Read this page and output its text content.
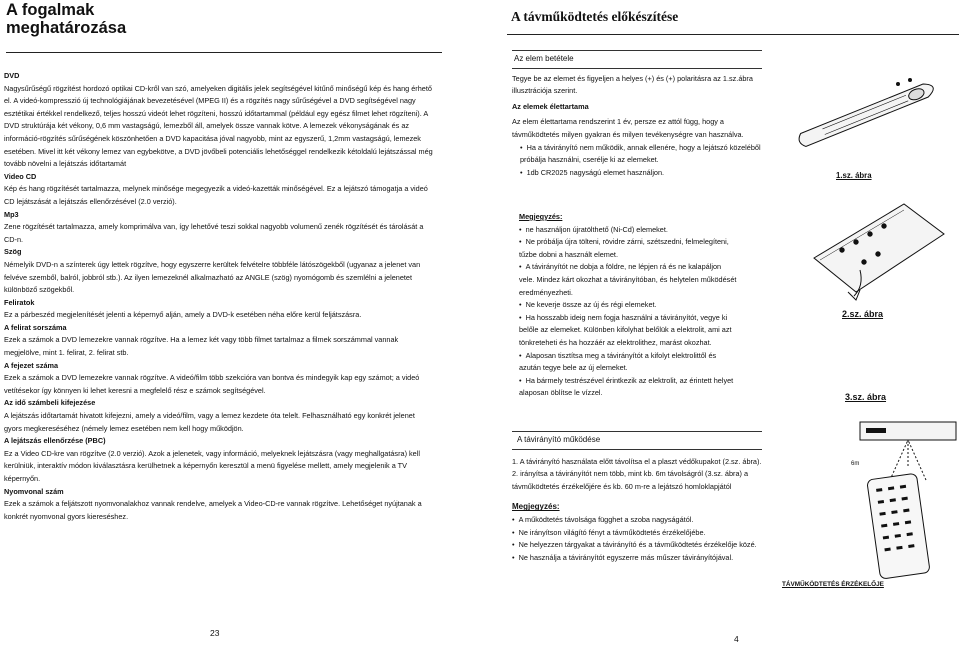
A fogalmak
meghatározása

DVD

Nagysűrűségű rögzítést hordozó optikai CD-kről van szó, amelyeken digitális jelek segítségével kitűnő minőségű kép és hang érhető el. A videó-kompresszió új technológiájának bevezetésével (MPEG II) és a rögzítés nagy sűrűségével a DVD segítségével nagy esztétikai értékkel rendelkező, teljes hosszú videót lehet rögzíteni, hosszú időtartammal (például egy egész filmet lehet rögzíteni). A DVD struktúrája két vékony, 0,6 mm vastagságú, lemezből áll, amelyek össze vannak kötve. A lemezek vékonyságának és az információ-rögzítés sűrűségének köszönhetően a DVD kapacitása jóval nagyobb, mint az egyszerű, 1,2mm vastagságú, lemezek esetében. Mivel itt két vékony lemez van egybekötve, a DVD jövőbeli potenciális lehetőséggel rendelkezik kétoldalú lejátszással még tovább növelni a lejátszás időtartamát

Video CD

Kép és hang rögzítését tartalmazza, melynek minősége megegyezik a videó-kazetták minőségével. Ez a lejátszó támogatja a videó CD lejátszását a lejátszás ellenőrzésével (2.0 verzió).

Mp3

Zene rögzítését tartalmazza, amely komprimálva van, így lehetővé teszi sokkal nagyobb volumenű zenék rögzítését és tárolását a CD-n.

Szög

Némelyik DVD-n a színterek úgy lettek rögzítve, hogy egyszerre kerültek felvételre többféle látószögekből (ugyanaz a jelenet van felvéve szemből, balról, jobbról stb.). Az ilyen lemezeknél alkalmazható az ANGLE (szög) nyomógomb és szemlélni a jelenetet különböző szögekből.

Feliratok

Ez a párbeszéd megjelenítését jelenti a képernyő alján, amely a DVD-k esetében néha előre kerül feljátszásra.

A felirat sorszáma

Ezek a számok a DVD lemezekre vannak rögzítve. Ha a lemez két vagy több filmet tartalmaz a filmek sorszámmal vannak megjelölve, mint 1. felirat, 2. felirat stb.

A fejezet száma

Ezek a számok a DVD lemezekre vannak rögzítve. A videó/film több szekcióra van bontva és mindegyik kap egy számot; a videó vetítésekor így könnyen ki lehet keresni a megfelelő rész e számok segítségével.

Az idő számbeli kifejezése

A lejátszás időtartamát hivatott kifejezni, amely a videó/film, vagy a lemez kezdete óta telelt. Felhasználható egy konkrét jelenet gyors megkereséséhez (némely lemez esetében nem kell hogy működjön.

A lejátszás ellenőrzése (PBC)

Ez a Video CD-kre van rögzítve (2.0 verzió). Azok a jelenetek, vagy információ, melyeknek lejátszásra (vagy meghallgatásra) kell kerülniük, interaktív módon kiválasztásra kerülhetnek a képernyőn keresztül a menü figyelése mellett, amely megjelenik a TV képernyőn.

Nyomvonal szám

Ezek a számok a feljátszott nyomvonalakhoz vannak rendelve, amelyek a Video-CD-re vannak rögzítve. Lehetőséget nyújtanak a konkrét nyomvonal gyors kiereséshez.

23
A távműködtetés előkészítése
Az elem betétele

Tegye be az elemet és figyeljen a helyes (+) és (+) polaritásra az 1.sz.ábra illusztrációja szerint.

Az elemek élettartama

Az elem élettartama rendszerint 1 év, persze ez attól függ, hogy a távműködtetés milyen gyakran és milyen tevékenységre van használva.

• Ha a távirányító nem működik, annak ellenére, hogy a lejátszó közeléből próbálja használni, cserélje ki az elemeket.

• 1db CR2025 nagyságú elemet használjon.

Megjegyzés:

• ne használjon újratölthető (Ni-Cd) elemeket.

• Ne próbálja újra tölteni, rövidre zárni, szétszedni, felmelegíteni, tűzbe dobni a használt elemet.

• A távirányítót ne dobja a földre, ne lépjen rá és ne kalapáljon vele. Mindez kárt okozhat a távirányítóban, és helytelen működését eredményezheti.

• Ne keverje össze az új és régi elemeket.

• Ha hosszabb ideig nem fogja használni a távirányítót, vegye ki belőle az elemeket. Különben kifolyhat belőlük a elektrolit, ami azt tönkreteheti és ha hozzáér az elektrolithez, marást okozhat.

• Alaposan tisztítsa meg a távirányítót a kifolyt elektrolittől és azután tegye bele az új elemeket.

• Ha bármely testrészével érintkezik az elektrolit, az érintett helyet alaposan öblítse le vízzel.

A távirányító működése

1. A távirányító használata előtt távolítsa el a plaszt védőkupakot (2.sz. ábra).

2. irányítsa a távirányítót nem több, mint kb. 6m távolságról (3.sz. ábra) a távműködtetés érzékelőjére és kb. 60 m-re a lejátszó homloklapjától

Megjegyzés:

• A működtetés távolsága függhet a szoba nagyságától.

• Ne irányítson világító fényt a távműködtetés érzékelőjébe.

• Ne helyezzen tárgyakat a távirányító és a távműködtetés érzékelője közé.

• Ne használja a távirányítót egyszerre más műszer távirányítójával.

1.sz. ábra
2.sz. ábra
3.sz. ábra
6m
TÁVMŰKÖDTETÉS ÉRZÉKELŐJE
4
